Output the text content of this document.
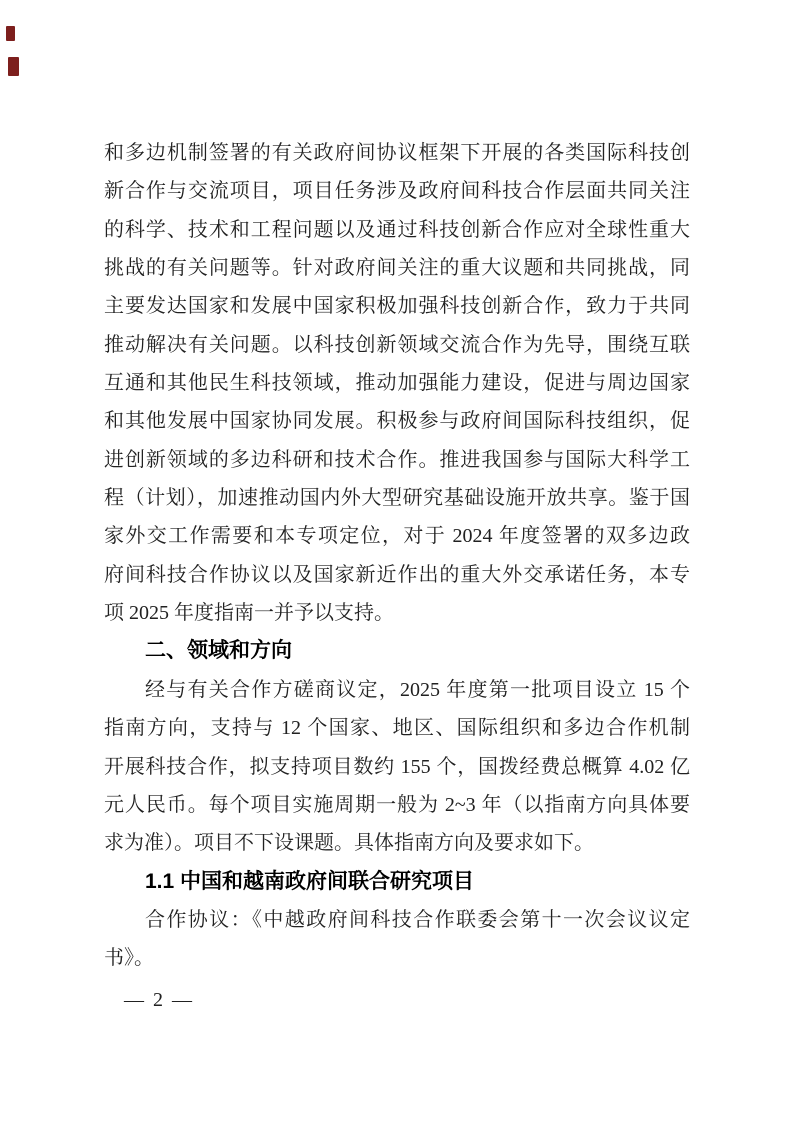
和多边机制签署的有关政府间协议框架下开展的各类国际科技创
新合作与交流项目，项目任务涉及政府间科技合作层面共同关注
的科学、技术和工程问题以及通过科技创新合作应对全球性重大
挑战的有关问题等。针对政府间关注的重大议题和共同挑战，同
主要发达国家和发展中国家积极加强科技创新合作，致力于共同
推动解决有关问题。以科技创新领域交流合作为先导，围绕互联
互通和其他民生科技领域，推动加强能力建设，促进与周边国家
和其他发展中国家协同发展。积极参与政府间国际科技组织，促
进创新领域的多边科研和技术合作。推进我国参与国际大科学工
程（计划），加速推动国内外大型研究基础设施开放共享。鉴于国
家外交工作需要和本专项定位，对于 2024 年度签署的双多边政
府间科技合作协议以及国家新近作出的重大外交承诺任务，本专
项 2025 年度指南一并予以支持。
二、领域和方向
经与有关合作方磋商议定，2025 年度第一批项目设立 15 个
指南方向，支持与 12 个国家、地区、国际组织和多边合作机制
开展科技合作，拟支持项目数约 155 个，国拨经费总概算 4.02 亿
元人民币。每个项目实施周期一般为 2~3 年（以指南方向具体要
求为准）。项目不下设课题。具体指南方向及要求如下。
1.1 中国和越南政府间联合研究项目
合作协议：《中越政府间科技合作联委会第十一次会议议定
书》。
— 2 —
